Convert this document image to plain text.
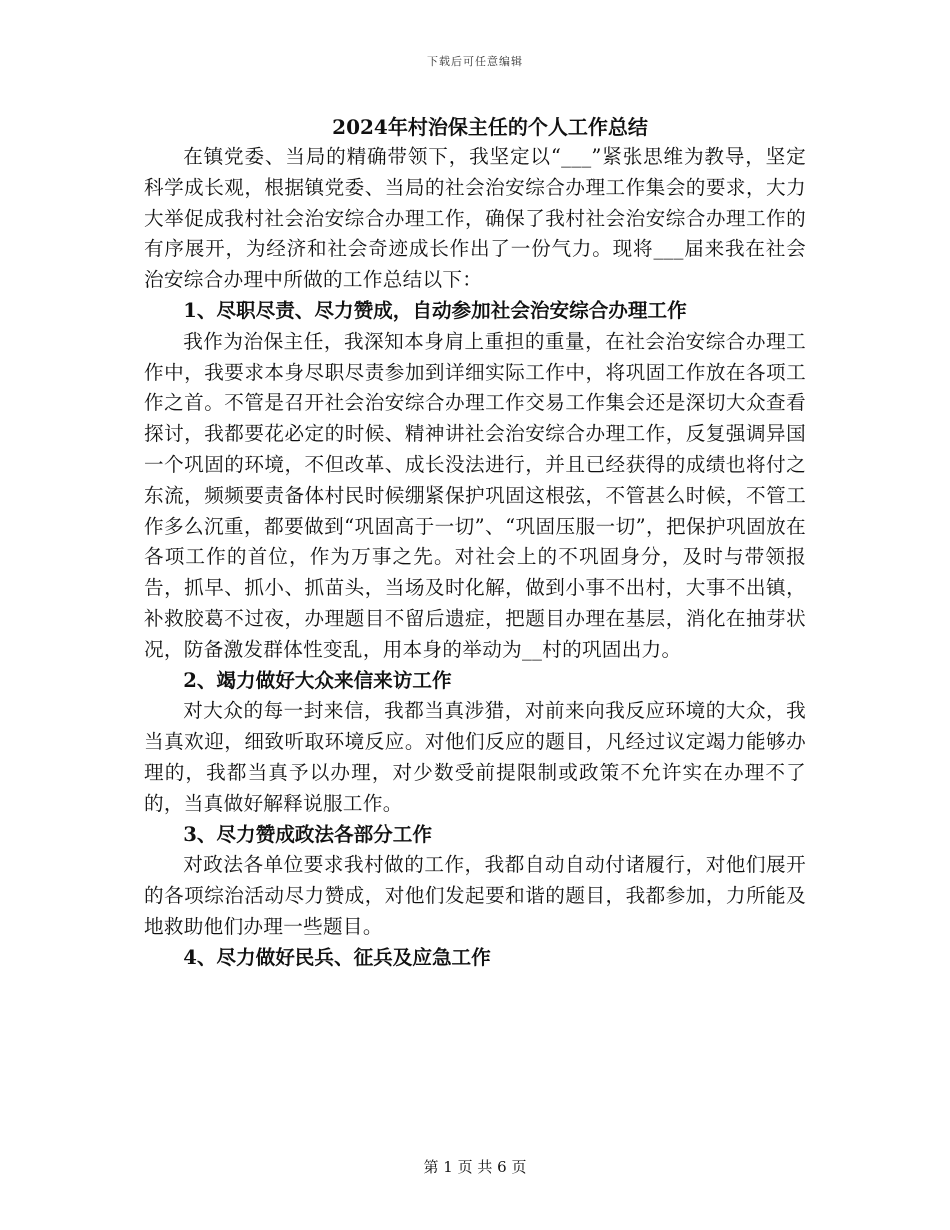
下载后可任意编辑
2024年村治保主任的个人工作总结

在镇党委、当局的精确带领下，我坚定以“___”紧张思维为教导，坚定科学成长观，根据镇党委、当局的社会治安综合办理工作集会的要求，大力大举促成我村社会治安综合办理工作，确保了我村社会治安综合办理工作的有序展开，为经济和社会奇迹成长作出了一份气力。现将___届来我在社会治安综合办理中所做的工作总结以下：

1、尽职尽责、尽力赞成，自动参加社会治安综合办理工作

我作为治保主任，我深知本身肩上重担的重量，在社会治安综合办理工作中，我要求本身尽职尽责参加到详细实际工作中，将巩固工作放在各项工作之首。不管是召开社会治安综合办理工作交易工作集会还是深切大众查看探讨，我都要花必定的时候、精神讲社会治安综合办理工作，反复强调异国一个巩固的环境，不但改革、成长没法进行，并且已经获得的成绩也将付之东流，频频要责备体村民时候绷紧保护巩固这根弦，不管甚么时候，不管工作多么沉重，都要做到“巩固高于一切”、“巩固压服一切”，把保护巩固放在各项工作的首位，作为万事之先。对社会上的不巩固身分，及时与带领报告，抓早、抓小、抓苗头，当场及时化解，做到小事不出村，大事不出镇，补救胶葛不过夜，办理题目不留后遗症，把题目办理在基层，消化在抽芽状况，防备激发群体性变乱，用本身的举动为__村的巩固出力。

2、竭力做好大众来信来访工作

对大众的每一封来信，我都当真涉猎，对前来向我反应环境的大众，我当真欢迎，细致听取环境反应。对他们反应的题目，凡经过议定竭力能够办理的，我都当真予以办理，对少数受前提限制或政策不允许实在办理不了的，当真做好解释说服工作。

3、尽力赞成政法各部分工作

对政法各单位要求我村做的工作，我都自动自动付诸履行，对他们展开的各项综治活动尽力赞成，对他们发起要和谐的题目，我都参加，力所能及地救助他们办理一些题目。

4、尽力做好民兵、征兵及应急工作

第 1 页 共 6 页
